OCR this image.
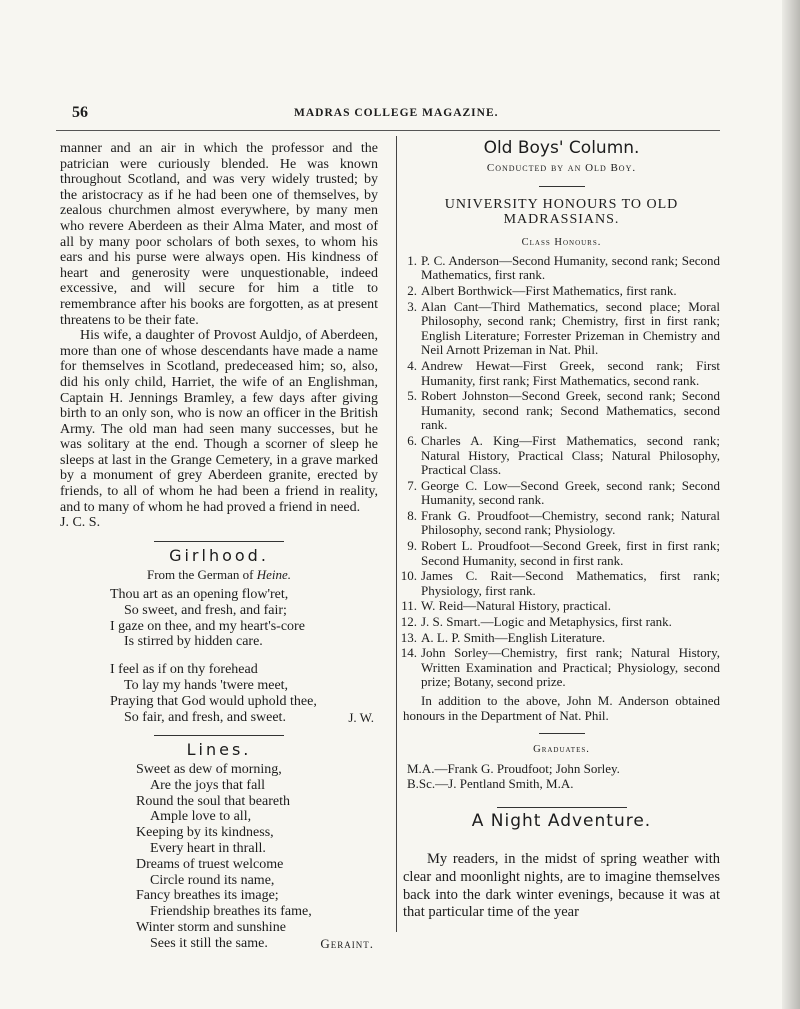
56	MADRAS COLLEGE MAGAZINE.

manner and an air in which the professor and the patrician were curiously blended. He was known throughout Scotland, and was very widely trusted; by the aristocracy as if he had been one of themselves, by zealous churchmen almost everywhere, by many men who revere Aberdeen as their Alma Mater, and most of all by many poor scholars of both sexes, to whom his ears and his purse were always open. His kindness of heart and generosity were unquestionable, indeed excessive, and will secure for him a title to remembrance after his books are forgotten, as at present threatens to be their fate.

His wife, a daughter of Provost Auldjo, of Aberdeen, more than one of whose descendants have made a name for themselves in Scotland, predeceased him; so, also, did his only child, Harriet, the wife of an Englishman, Captain H. Jennings Bramley, a few days after giving birth to an only son, who is now an officer in the British Army. The old man had seen many successes, but he was solitary at the end. Though a scorner of sleep he sleeps at last in the Grange Cemetery, in a grave marked by a monument of grey Aberdeen granite, erected by friends, to all of whom he had been a friend in reality, and to many of whom he had proved a friend in need.

J. C. S.

Girlhood.
From the German of Heine.
Thou art as an opening flow'ret,
So sweet, and fresh, and fair;
I gaze on thee, and my heart's-core
Is stirred by hidden care.
I feel as if on thy forehead
To lay my hands 'twere meet,
Praying that God would uphold thee,
So fair, and fresh, and sweet.	J. W.
Lines.
Sweet as dew of morning,
Are the joys that fall
Round the soul that beareth
Ample love to all,
Keeping by its kindness,
Every heart in thrall.
Dreams of truest welcome
Circle round its name,
Fancy breathes its image;
Friendship breathes its fame,
Winter storm and sunshine
Sees it still the same.	Geraint.
Old Boys' Column.
Conducted by an Old Boy.
UNIVERSITY HONOURS TO OLD MADRASSIANS.
Class Honours.
1. P. C. Anderson—Second Humanity, second rank; Second Mathematics, first rank.
2. Albert Borthwick—First Mathematics, first rank.
3. Alan Cant—Third Mathematics, second place; Moral Philosophy, second rank; Chemistry, first in first rank; English Literature; Forrester Prizeman in Chemistry and Neil Arnott Prizeman in Nat. Phil.
4. Andrew Hewat—First Greek, second rank; First Humanity, first rank; First Mathematics, second rank.
5. Robert Johnston—Second Greek, second rank; Second Humanity, second rank; Second Mathematics, second rank.
6. Charles A. King—First Mathematics, second rank; Natural History, Practical Class; Natural Philosophy, Practical Class.
7. George C. Low—Second Greek, second rank; Second Humanity, second rank.
8. Frank G. Proudfoot—Chemistry, second rank; Natural Philosophy, second rank; Physiology.
9. Robert L. Proudfoot—Second Greek, first in first rank; Second Humanity, second in first rank.
10. James C. Rait—Second Mathematics, first rank; Physiology, first rank.
11. W. Reid—Natural History, practical.
12. J. S. Smart.—Logic and Metaphysics, first rank.
13. A. L. P. Smith—English Literature.
14. John Sorley—Chemistry, first rank; Natural History, Written Examination and Practical; Physiology, second prize; Botany, second prize.

In addition to the above, John M. Anderson obtained honours in the Department of Nat. Phil.

Graduates.
M.A.—Frank G. Proudfoot; John Sorley.
B.Sc.—J. Pentland Smith, M.A.
A Night Adventure.

My readers, in the midst of spring weather with clear and moonlight nights, are to imagine themselves back into the dark winter evenings, because it was at that particular time of the year
